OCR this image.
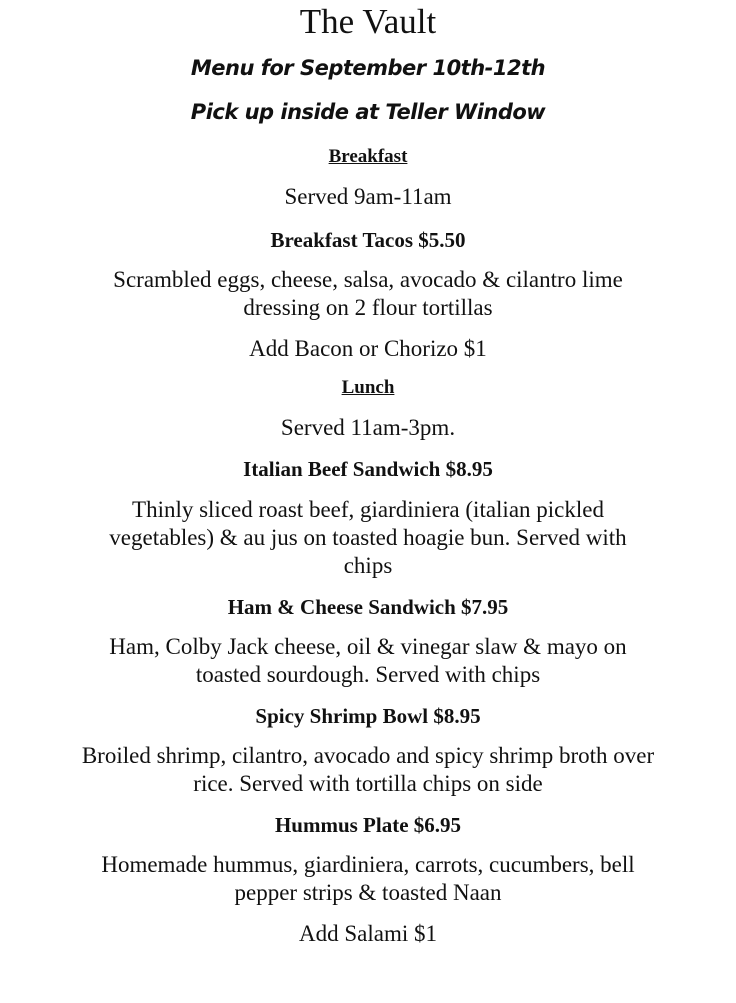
The Vault
Menu for September 10th-12th
Pick up inside at Teller Window
Breakfast
Served 9am-11am
Breakfast Tacos $5.50
Scrambled eggs, cheese, salsa, avocado & cilantro lime dressing on 2 flour tortillas
Add Bacon or Chorizo $1
Lunch
Served 11am-3pm.
Italian Beef Sandwich $8.95
Thinly sliced roast beef, giardiniera (italian pickled vegetables) & au jus on toasted hoagie bun. Served with chips
Ham & Cheese Sandwich $7.95
Ham, Colby Jack cheese, oil & vinegar slaw & mayo on toasted sourdough. Served with chips
Spicy Shrimp Bowl $8.95
Broiled shrimp, cilantro, avocado and spicy shrimp broth over rice. Served with tortilla chips on side
Hummus Plate $6.95
Homemade hummus, giardiniera, carrots, cucumbers, bell pepper strips & toasted Naan
Add Salami $1
